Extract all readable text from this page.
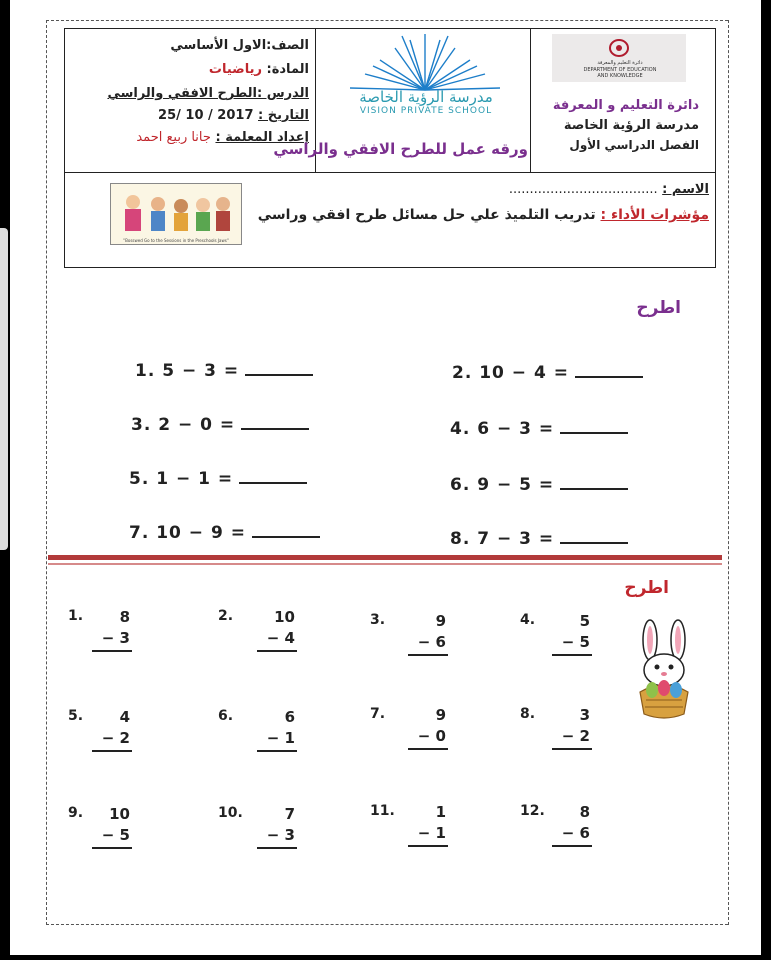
الصف:الاول الأساسي
المادة: رياضيات
الدرس :الطرح الافقي والراسي
التاريخ : 25/ 10 / 2017
إعداد المعلمة : جانا ربيع احمد
مدرسة الرؤية الخاصة
VISION PRIVATE SCHOOL
ورقه عمل للطرح الافقي والراسي
دائرة التعليم والمعرفة
DEPARTMENT OF EDUCATION
AND KNOWLEDGE
دائرة التعليم و المعرفة
مدرسة الرؤية الخاصة
الفصل الدراسي الأول
الاسم : ....................................
مؤشرات الأداء : تدريب التلميذ علي حل مسائل طرح افقي وراسي
"Bosswed Go to the Sessions in the Preschools Jaws"
اطرح
1. 5 − 3 =	2. 10 − 4 =
3. 2 − 0 =	4. 6 − 3 =
5. 1 − 1 =	6. 9 − 5 =
7. 10 − 9 =	8. 7 − 3 =
اطرح
1.	8
− 3
2.	10
− 4
3.	9
− 6
4.	5
− 5
5.	4
− 2
6.	6
− 1
7.	9
− 0
8.	3
− 2
9.	10
− 5
10.	7
− 3
11.	1
− 1
12.	8
− 6
